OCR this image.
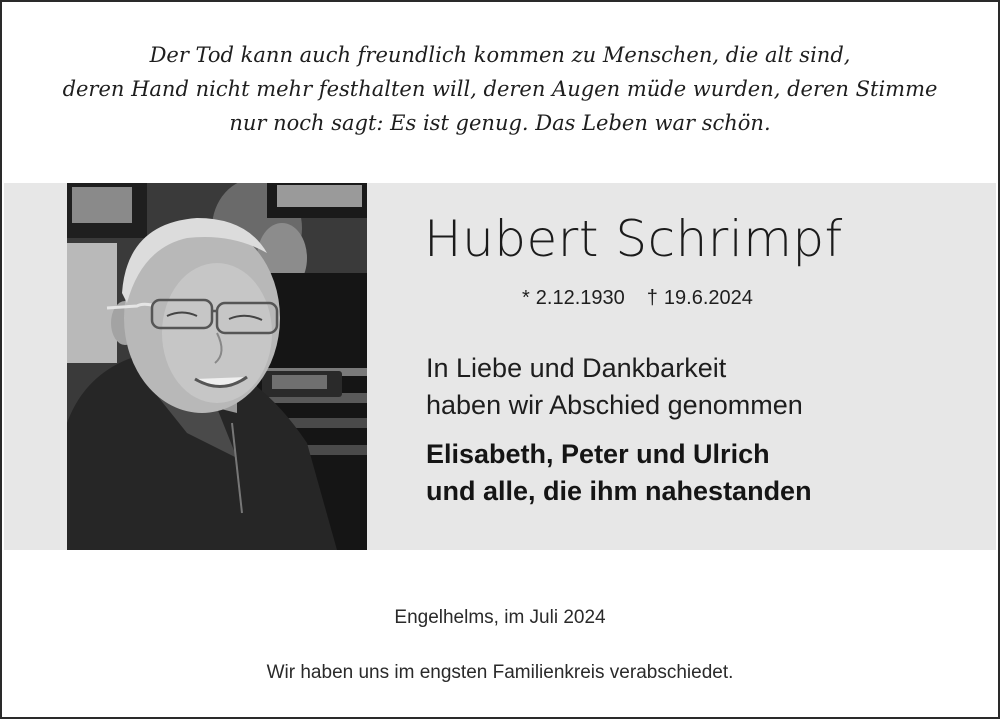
Der Tod kann auch freundlich kommen zu Menschen, die alt sind,
deren Hand nicht mehr festhalten will, deren Augen müde wurden, deren Stimme
nur noch sagt: Es ist genug. Das Leben war schön.
Hubert Schrimpf
* 2.12.1930 † 19.6.2024
In Liebe und Dankbarkeit
haben wir Abschied genommen
Elisabeth, Peter und Ulrich
und alle, die ihm nahestanden
Engelhelms, im Juli 2024
Wir haben uns im engsten Familienkreis verabschiedet.
